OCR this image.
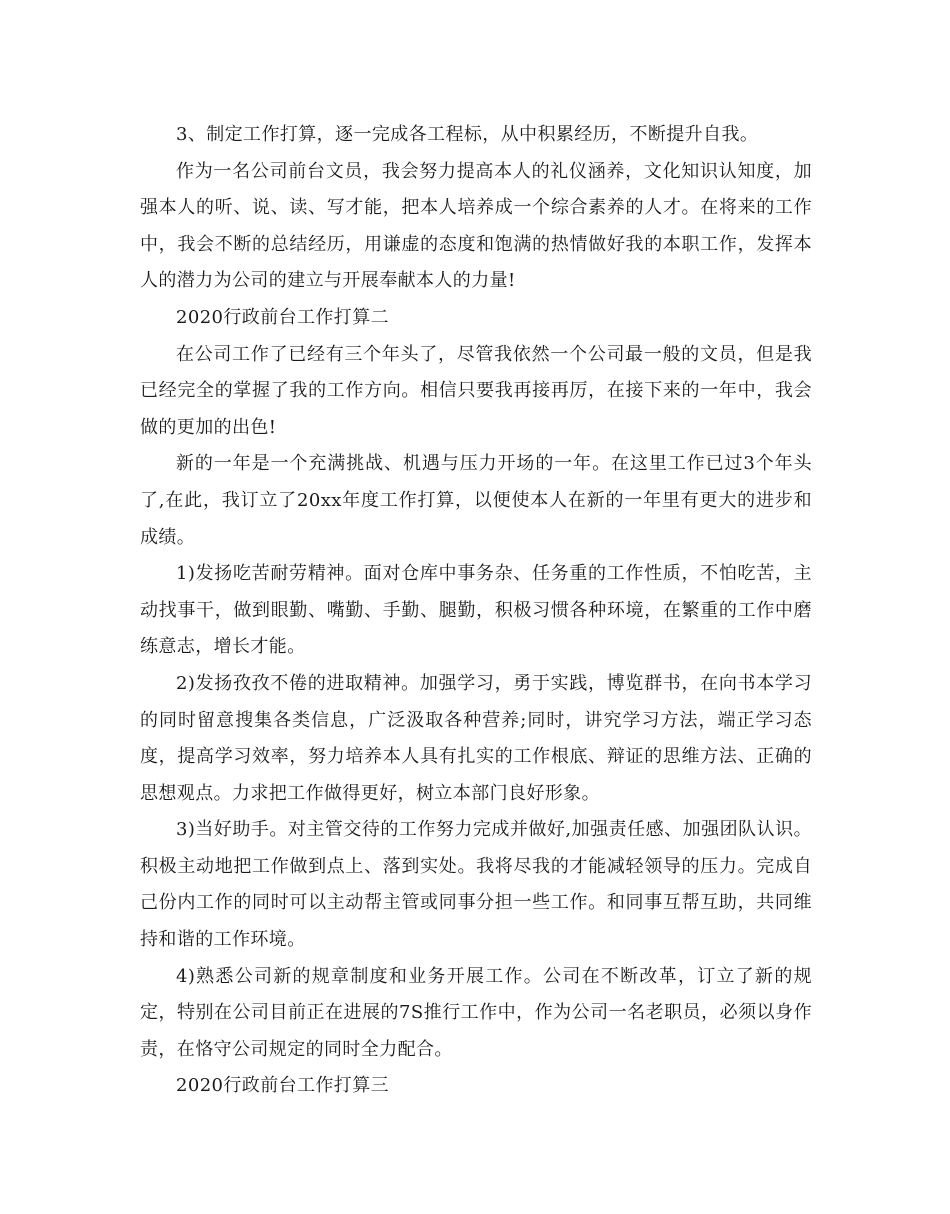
3、制定工作打算，逐一完成各工程标，从中积累经历，不断提升自我。

作为一名公司前台文员，我会努力提高本人的礼仪涵养，文化知识认知度，加强本人的听、说、读、写才能，把本人培养成一个综合素养的人才。在将来的工作中，我会不断的总结经历，用谦虚的态度和饱满的热情做好我的本职工作，发挥本人的潜力为公司的建立与开展奉献本人的力量!

2020行政前台工作打算二

在公司工作了已经有三个年头了，尽管我依然一个公司最一般的文员，但是我已经完全的掌握了我的工作方向。相信只要我再接再厉，在接下来的一年中，我会做的更加的出色!

新的一年是一个充满挑战、机遇与压力开场的一年。在这里工作已过3个年头了,在此，我订立了20xx年度工作打算，以便使本人在新的一年里有更大的进步和成绩。

1)发扬吃苦耐劳精神。面对仓库中事务杂、任务重的工作性质，不怕吃苦，主动找事干，做到眼勤、嘴勤、手勤、腿勤，积极习惯各种环境，在繁重的工作中磨练意志，增长才能。

2)发扬孜孜不倦的进取精神。加强学习，勇于实践，博览群书，在向书本学习的同时留意搜集各类信息，广泛汲取各种营养;同时，讲究学习方法，端正学习态度，提高学习效率，努力培养本人具有扎实的工作根底、辩证的思维方法、正确的思想观点。力求把工作做得更好，树立本部门良好形象。

3)当好助手。对主管交待的工作努力完成并做好,加强责任感、加强团队认识。积极主动地把工作做到点上、落到实处。我将尽我的才能减轻领导的压力。完成自己份内工作的同时可以主动帮主管或同事分担一些工作。和同事互帮互助，共同维持和谐的工作环境。

4)熟悉公司新的规章制度和业务开展工作。公司在不断改革，订立了新的规定，特别在公司目前正在进展的7S推行工作中，作为公司一名老职员，必须以身作责，在恪守公司规定的同时全力配合。

2020行政前台工作打算三
